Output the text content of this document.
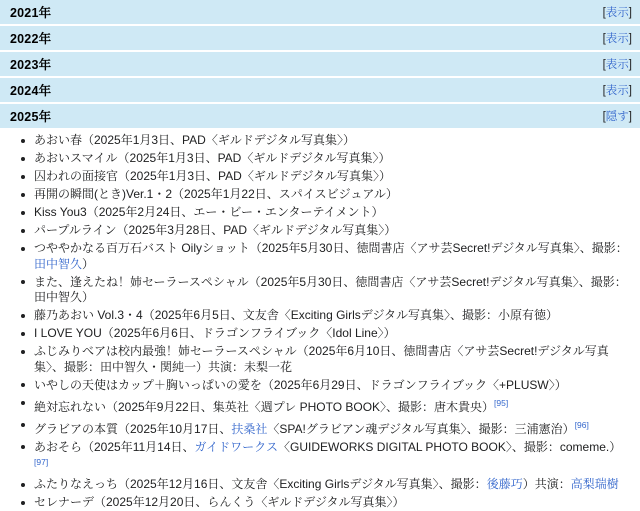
2021年	[表示]
2022年	[表示]
2023年	[表示]
2024年	[表示]
2025年	[隠す]
あおい春（2025年1月3日、PAD〈ギルドデジタル写真集〉）
あおいスマイル（2025年1月3日、PAD〈ギルドデジタル写真集〉）
囚われの面接官（2025年1月3日、PAD〈ギルドデジタル写真集〉）
再開の瞬間(とき)Ver.1・2（2025年1月22日、スパイスビジュアル）
Kiss You3（2025年2月24日、エー・ビー・エンターテイメント）
パープルライン（2025年3月28日、PAD〈ギルドデジタル写真集〉）
つややかなる百万石バスト Oilyショット（2025年5月30日、徳間書店〈アサ芸Secret!デジタル写真集〉、撮影：田中智久）
また、逢えたね！姉セーラースペシャル（2025年5月30日、徳間書店〈アサ芸Secret!デジタル写真集〉、撮影：田中智久）
藤乃あおい Vol.3・4（2025年6月5日、文友舎〈Exciting Girlsデジタル写真集〉、撮影：小原有徳）
I LOVE YOU（2025年6月6日、ドラゴンフライブック〈Idol Line〉）
ふじみりべアは校内最強！姉セーラースペシャル（2025年6月10日、徳間書店〈アサ芸Secret!デジタル写真集〉、撮影：田中智久・関純一）共演：未梨一花
いやしの天使はカップ＋胸いっぱいの愛を（2025年6月29日、ドラゴンフライブック〈+PLUSW〉）
絶対忘れない（2025年9月22日、集英社〈週プレ PHOTO BOOK〉、撮影：唐木貴央）[95]
グラビアの本質（2025年10月17日、扶桑社〈SPA!グラビアン魂デジタル写真集〉、撮影：三浦憲治）[96]
あおそら（2025年11月14日、ガイドワークス〈GUIDEWORKS DIGITAL PHOTO BOOK〉、撮影：comeme.）[97]
ふたりなえっち（2025年12月16日、文友舎〈Exciting Girlsデジタル写真集〉、撮影：後藤巧）共演：高梨瑞樹
セレナーデ（2025年12月20日、らんくう〈ギルドデジタル写真集〉）
